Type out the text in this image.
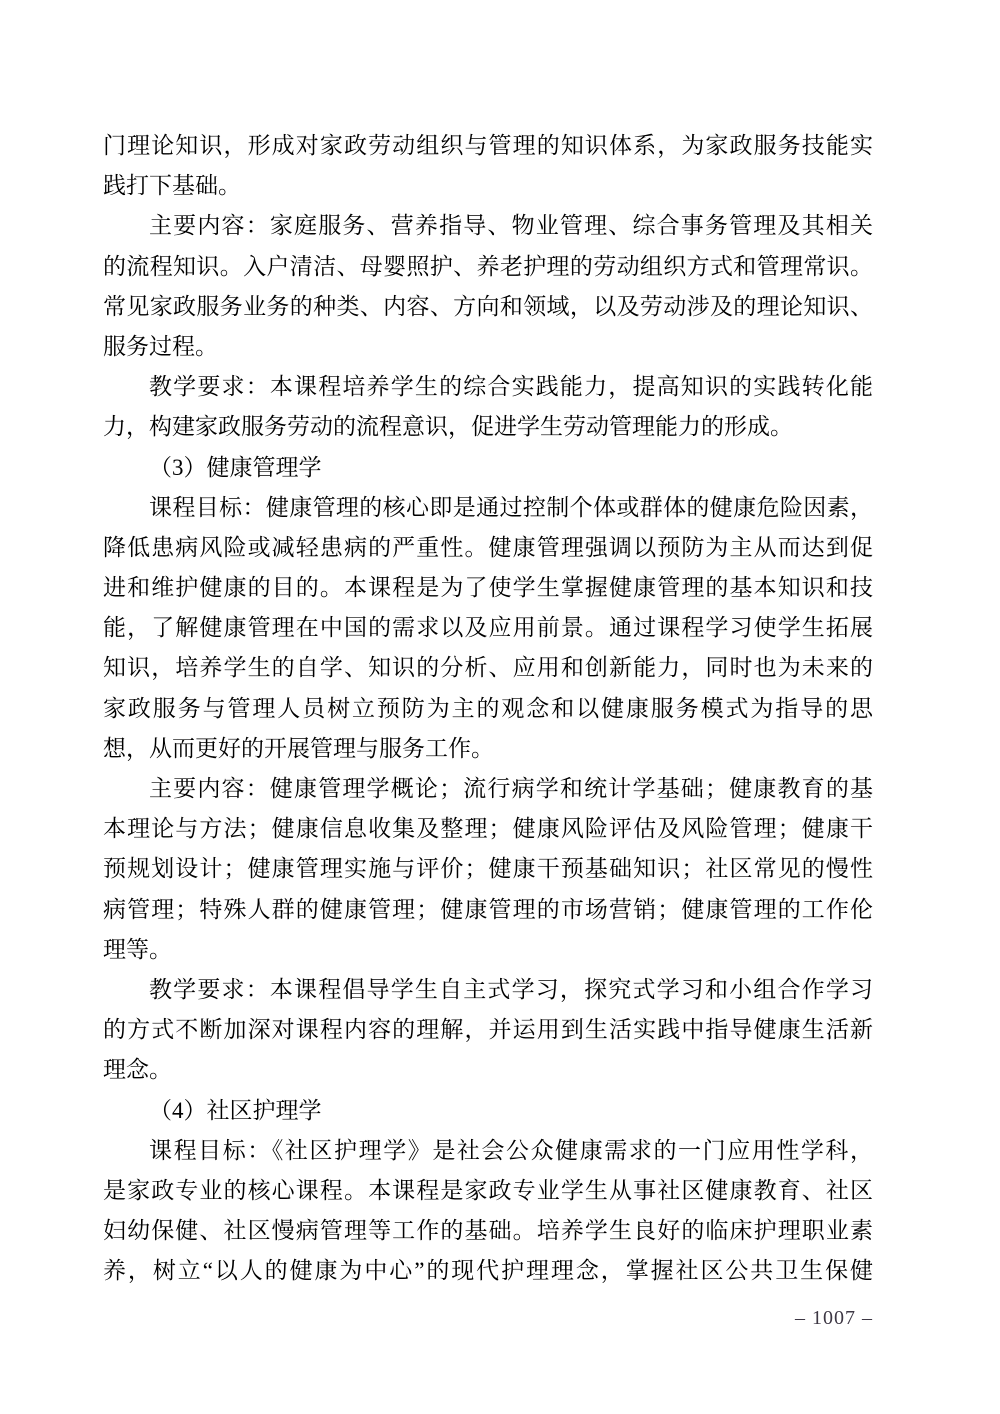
门理论知识，形成对家政劳动组织与管理的知识体系，为家政服务技能实
践打下基础。
主要内容：家庭服务、营养指导、物业管理、综合事务管理及其相关
的流程知识。入户清洁、母婴照护、养老护理的劳动组织方式和管理常识。
常见家政服务业务的种类、内容、方向和领域，以及劳动涉及的理论知识、
服务过程。
教学要求：本课程培养学生的综合实践能力，提高知识的实践转化能
力，构建家政服务劳动的流程意识，促进学生劳动管理能力的形成。
（3）健康管理学
课程目标：健康管理的核心即是通过控制个体或群体的健康危险因素，
降低患病风险或减轻患病的严重性。健康管理强调以预防为主从而达到促
进和维护健康的目的。本课程是为了使学生掌握健康管理的基本知识和技
能，了解健康管理在中国的需求以及应用前景。通过课程学习使学生拓展
知识，培养学生的自学、知识的分析、应用和创新能力，同时也为未来的
家政服务与管理人员树立预防为主的观念和以健康服务模式为指导的思
想，从而更好的开展管理与服务工作。
主要内容：健康管理学概论；流行病学和统计学基础；健康教育的基
本理论与方法；健康信息收集及整理；健康风险评估及风险管理；健康干
预规划设计；健康管理实施与评价；健康干预基础知识；社区常见的慢性
病管理；特殊人群的健康管理；健康管理的市场营销；健康管理的工作伦
理等。
教学要求：本课程倡导学生自主式学习，探究式学习和小组合作学习
的方式不断加深对课程内容的理解，并运用到生活实践中指导健康生活新
理念。
（4）社区护理学
课程目标：《社区护理学》是社会公众健康需求的一门应用性学科，
是家政专业的核心课程。本课程是家政专业学生从事社区健康教育、社区
妇幼保健、社区慢病管理等工作的基础。培养学生良好的临床护理职业素
养，树立“以人的健康为中心”的现代护理理念，掌握社区公共卫生保健
– 1007 –
